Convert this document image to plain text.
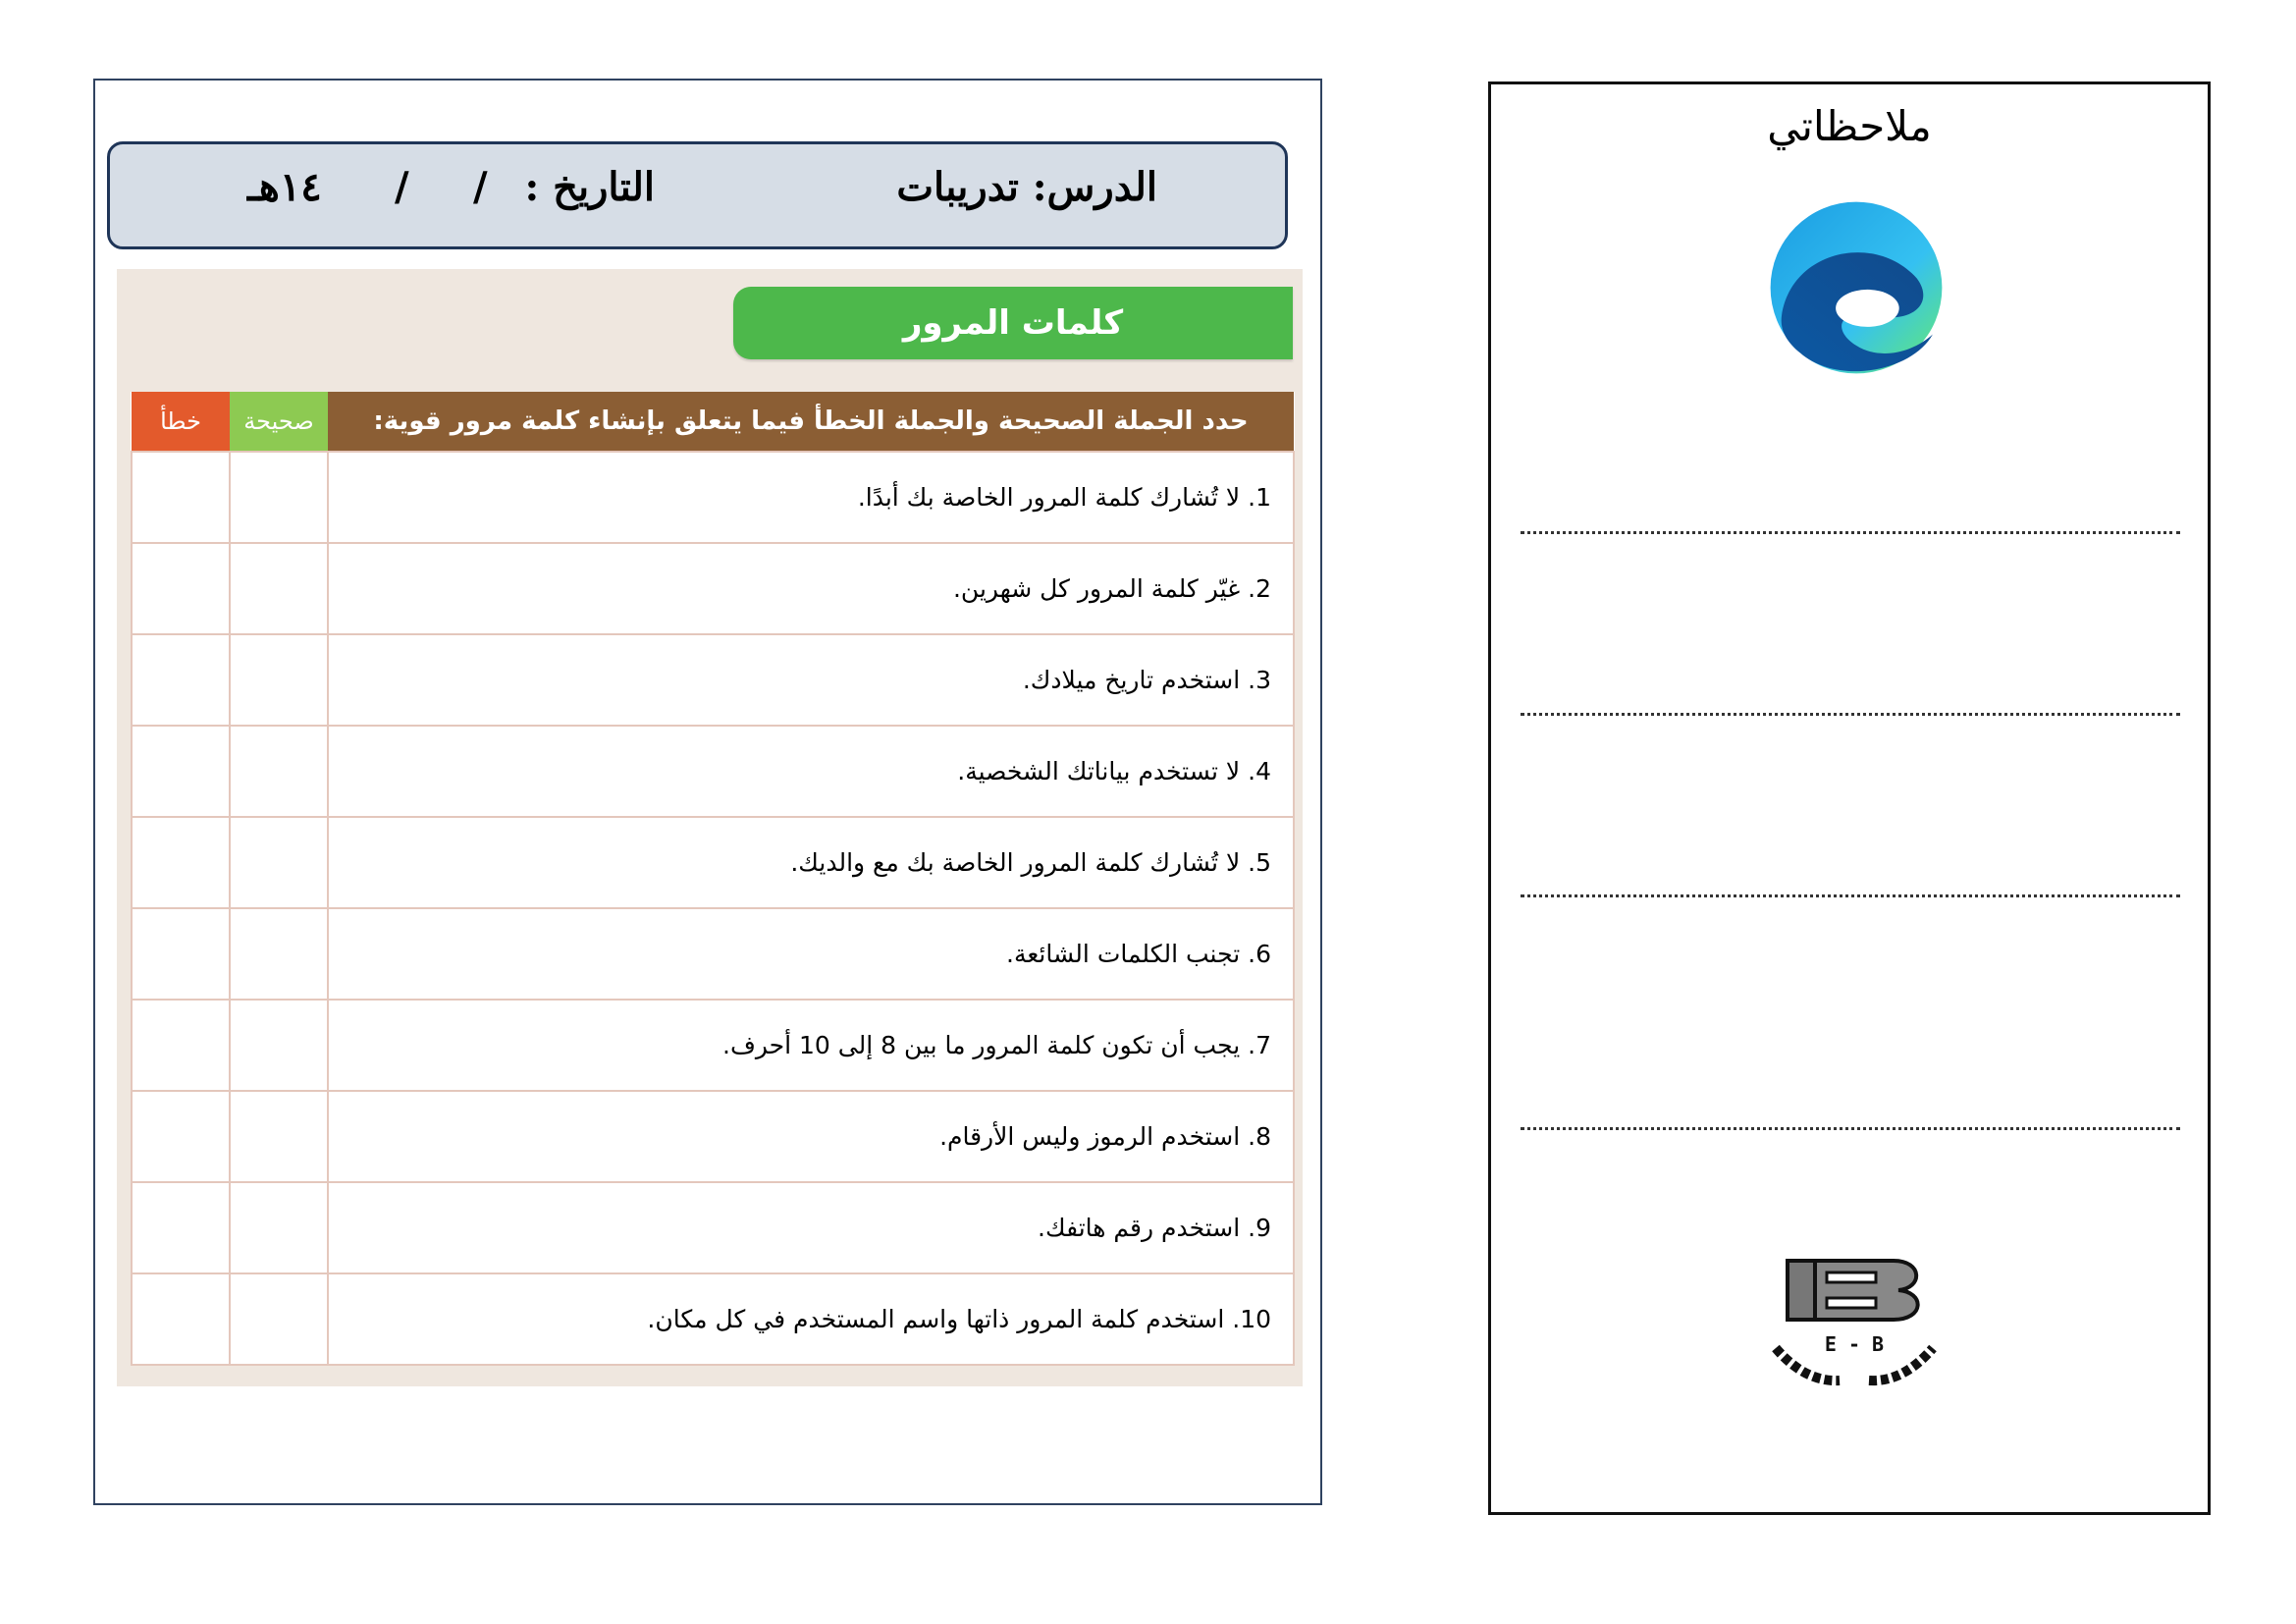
الدرس: تدريبات
التاريخ :
/
/
١٤هـ
كلمات المرور
خطأ	صحيحة	حدد الجملة الصحيحة والجملة الخطأ فيما يتعلق بإنشاء كلمة مرور قوية:
		1. لا تُشارك كلمة المرور الخاصة بك أبدًا.
		2. غيّر كلمة المرور كل شهرين.
		3. استخدم تاريخ ميلادك.
		4. لا تستخدم بياناتك الشخصية.
		5. لا تُشارك كلمة المرور الخاصة بك مع والديك.
		6. تجنب الكلمات الشائعة.
		7. يجب أن تكون كلمة المرور ما بين 8 إلى 10 أحرف.
		8. استخدم الرموز وليس الأرقام.
		9. استخدم رقم هاتفك.
		10. استخدم كلمة المرور ذاتها واسم المستخدم في كل مكان.
ملاحظاتي
E - B
